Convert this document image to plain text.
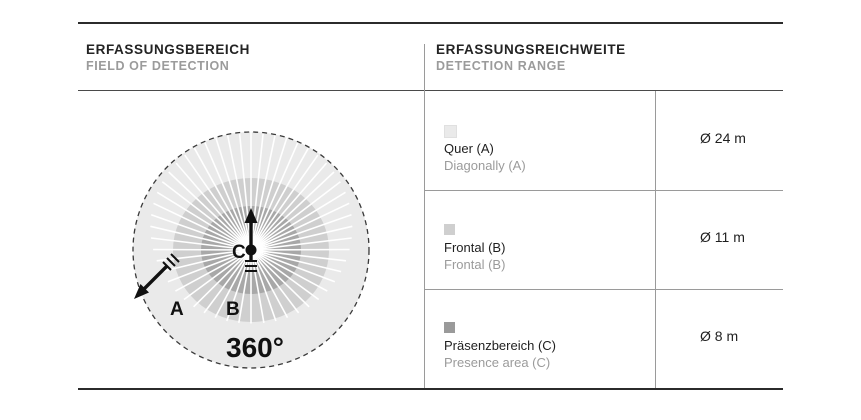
ERFASSUNGSBEREICH
FIELD OF DETECTION
ERFASSUNGSREICHWEITE
DETECTION RANGE
Quer (A)
Diagonally (A)
Ø 24 m
Frontal (B)
Frontal (B)
Ø 11 m
Präsenzbereich (C)
Presence area (C)
Ø 8 m
C
B
A
360°
